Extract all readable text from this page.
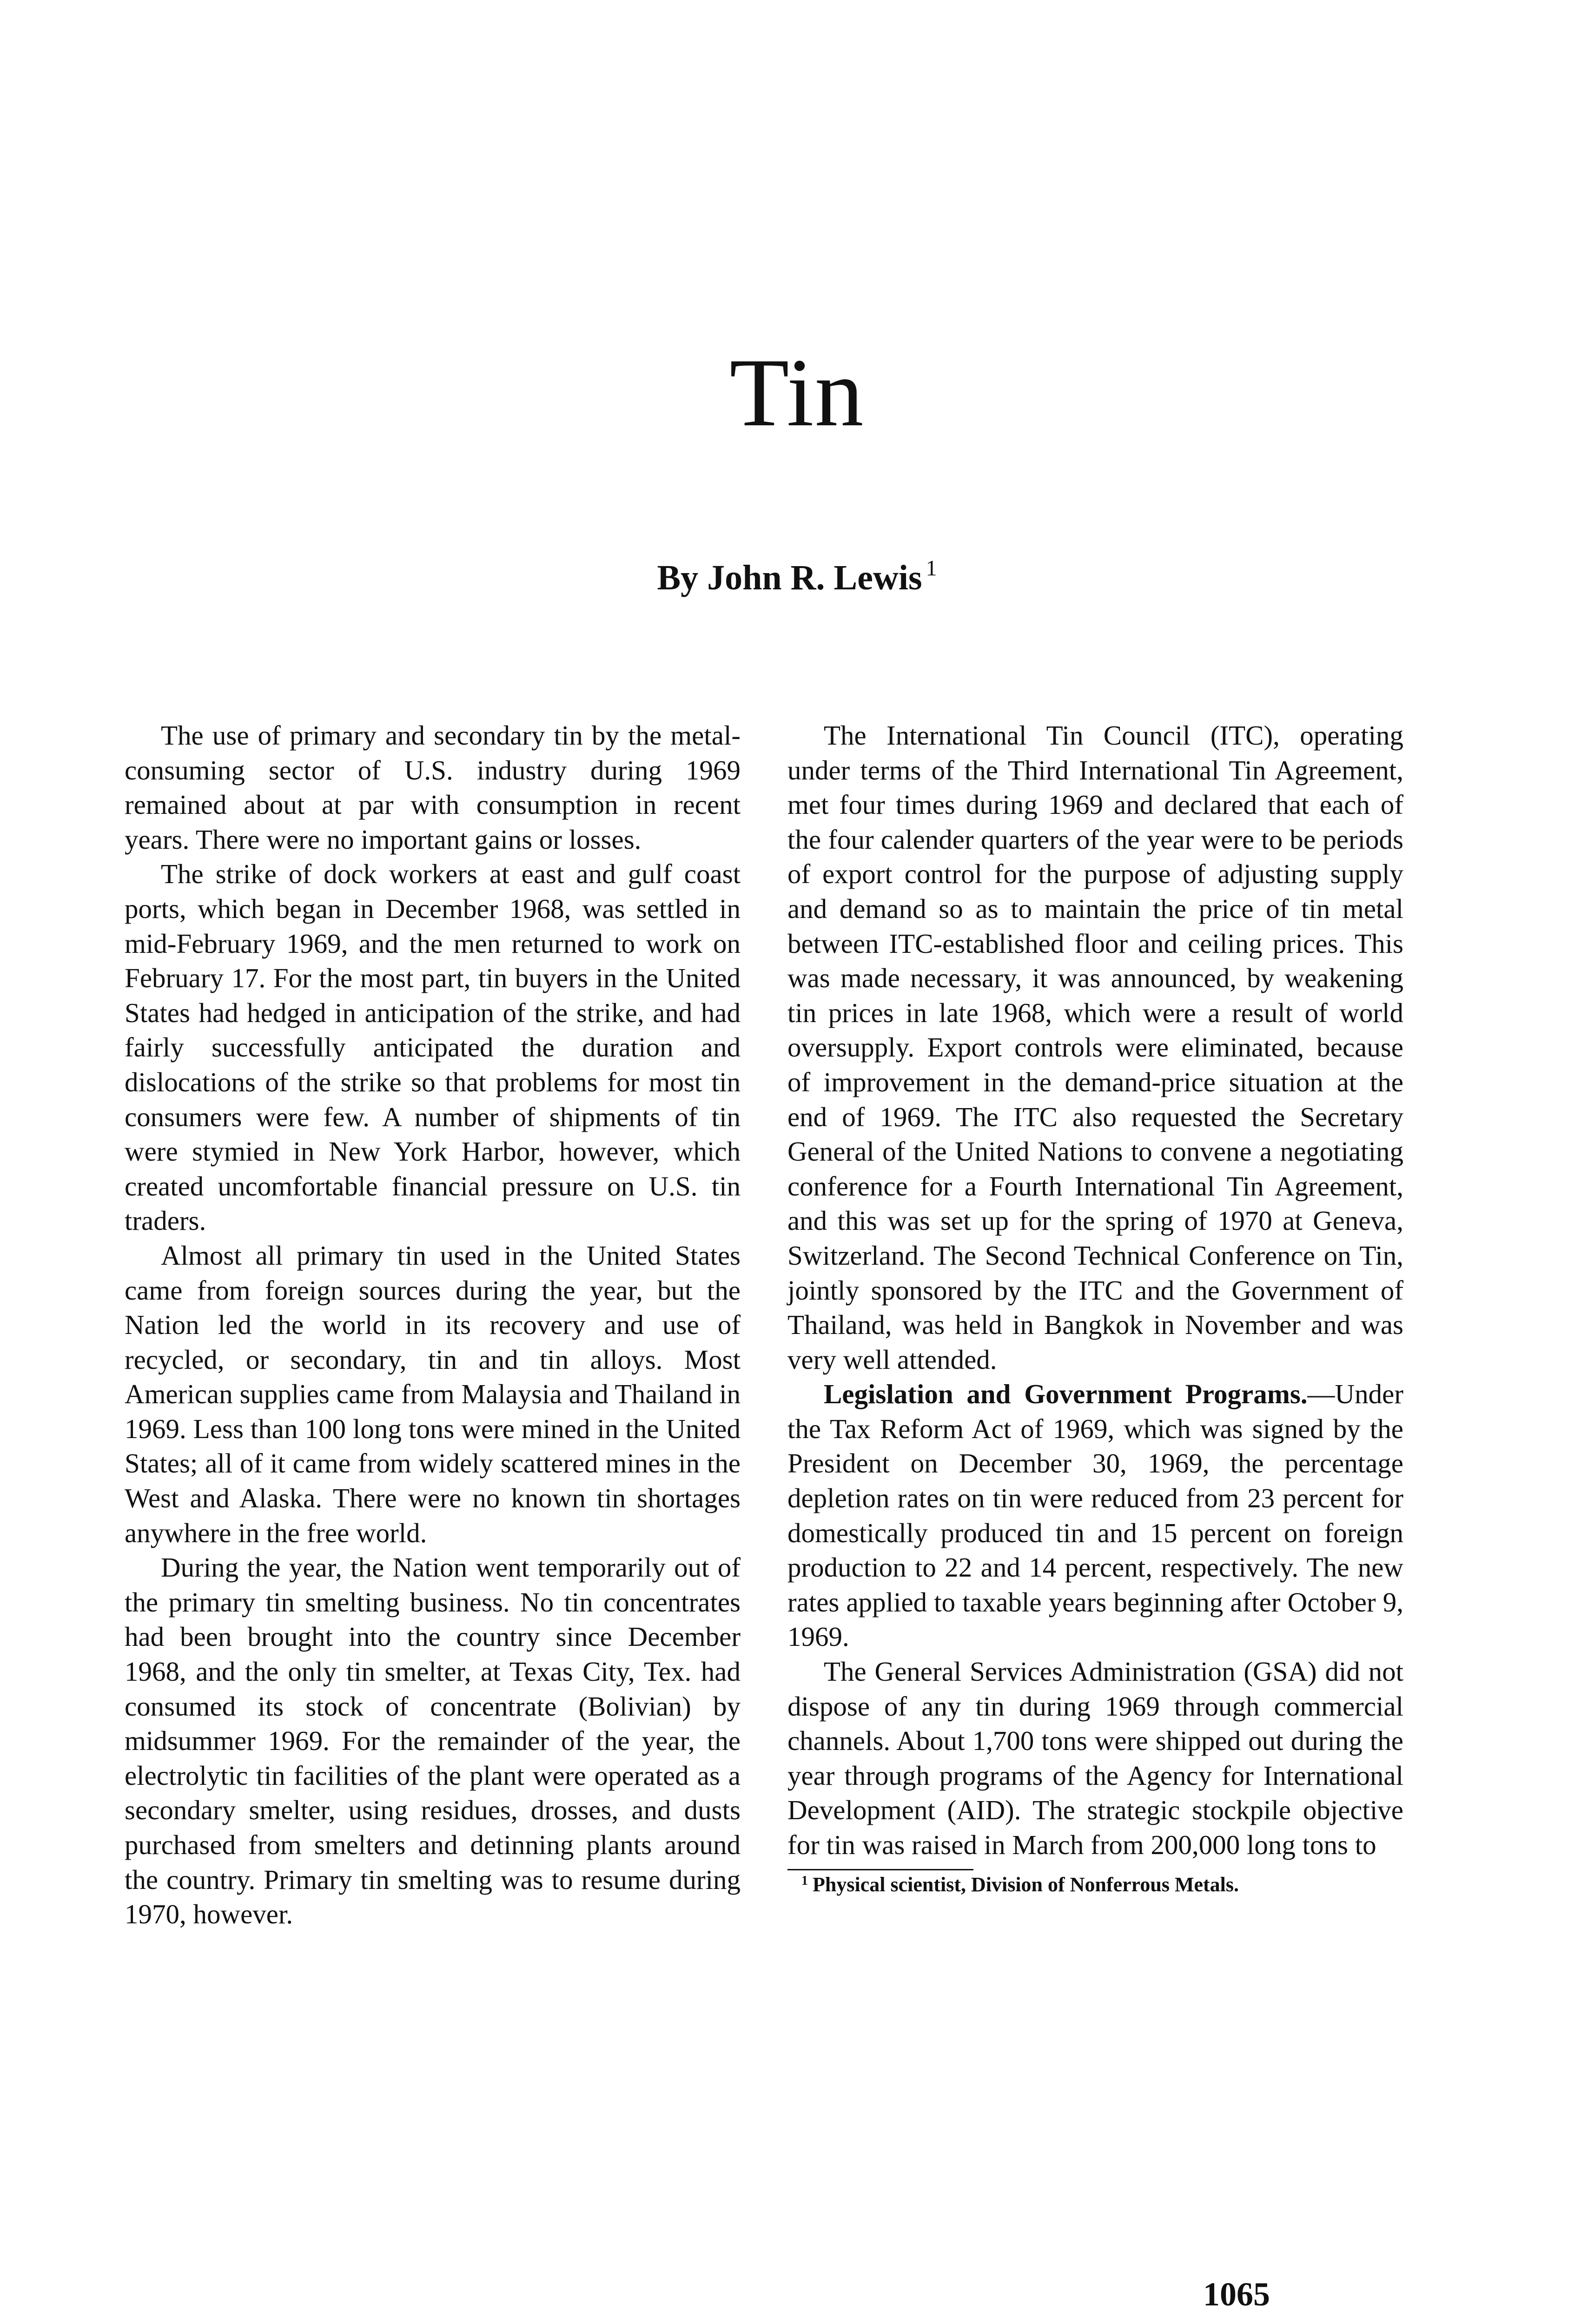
Tin

By John R. Lewis $^1$

The use of primary and secondary tin by the metal-consuming sector of U.S. industry during 1969 remained about at par with consumption in recent years. There were no important gains or losses.

The strike of dock workers at east and gulf coast ports, which began in December 1968, was settled in mid-February 1969, and the men returned to work on February 17. For the most part, tin buyers in the United States had hedged in anticipation of the strike, and had fairly successfully anticipated the duration and dislocations of the strike so that problems for most tin consumers were few. A number of shipments of tin were stymied in New York Harbor, however, which created uncomfortable financial pressure on U.S. tin traders.

Almost all primary tin used in the United States came from foreign sources during the year, but the Nation led the world in its recovery and use of recycled, or secondary, tin and tin alloys. Most American supplies came from Malaysia and Thailand in 1969. Less than 100 long tons were mined in the United States; all of it came from widely scattered mines in the West and Alaska. There were no known tin shortages anywhere in the free world.

During the year, the Nation went temporarily out of the primary tin smelting business. No tin concentrates had been brought into the country since December 1968, and the only tin smelter, at Texas City, Tex. had consumed its stock of concentrate (Bolivian) by midsummer 1969. For the remainder of the year, the electrolytic tin facilities of the plant were operated as a secondary smelter, using residues, drosses, and dusts purchased from smelters and detinning plants around the country. Primary tin smelting was to resume during 1970, however.

The International Tin Council (ITC), operating under terms of the Third International Tin Agreement, met four times during 1969 and declared that each of the four calender quarters of the year were to be periods of export control for the purpose of adjusting supply and demand so as to maintain the price of tin metal between ITC-established floor and ceiling prices. This was made necessary, it was announced, by weakening tin prices in late 1968, which were a result of world oversupply. Export controls were eliminated, because of improvement in the demand-price situation at the end of 1969. The ITC also requested the Secretary General of the United Nations to convene a negotiating conference for a Fourth International Tin Agreement, and this was set up for the spring of 1970 at Geneva, Switzerland. The Second Technical Conference on Tin, jointly sponsored by the ITC and the Government of Thailand, was held in Bangkok in November and was very well attended.

Legislation and Government Programs.—Under the Tax Reform Act of 1969, which was signed by the President on December 30, 1969, the percentage depletion rates on tin were reduced from 23 percent for domestically produced tin and 15 percent on foreign production to 22 and 14 percent, respectively. The new rates applied to taxable years beginning after October 9, 1969.

The General Services Administration (GSA) did not dispose of any tin during 1969 through commercial channels. About 1,700 tons were shipped out during the year through programs of the Agency for International Development (AID). The strategic stockpile objective for tin was raised in March from 200,000 long tons to

$^1$ Physical scientist, Division of Nonferrous Metals.

1065
